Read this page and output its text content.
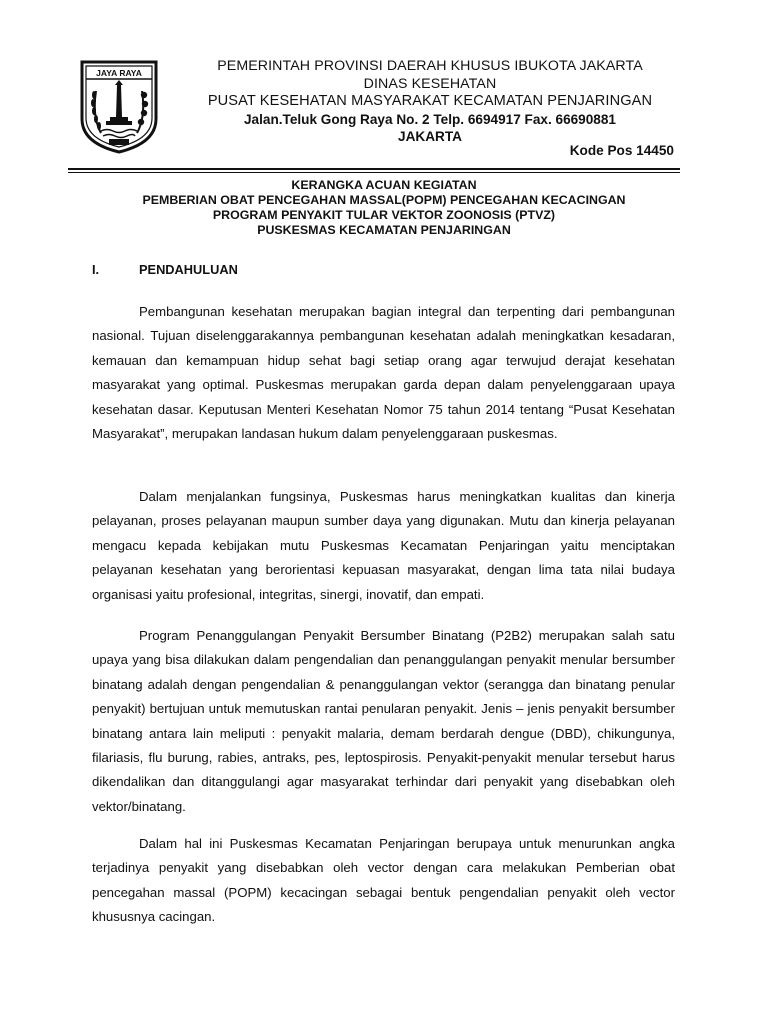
JAYA RAYA	PEMERINTAH PROVINSI DAERAH KHUSUS IBUKOTA JAKARTA
DINAS KESEHATAN
PUSAT KESEHATAN MASYARAKAT KECAMATAN PENJARINGAN
Jalan.Teluk Gong Raya No. 2 Telp. 6694917 Fax. 66690881
JAKARTA
Kode Pos 14450
KERANGKA ACUAN KEGIATAN
PEMBERIAN OBAT PENCEGAHAN MASSAL(POPM) PENCEGAHAN KECACINGAN
PROGRAM PENYAKIT TULAR VEKTOR ZOONOSIS (PTVZ)
PUSKESMAS KECAMATAN PENJARINGAN
I.	PENDAHULUAN

Pembangunan kesehatan merupakan bagian integral dan terpenting dari pembangunan nasional. Tujuan diselenggarakannya pembangunan kesehatan adalah meningkatkan kesadaran, kemauan dan kemampuan hidup sehat bagi setiap orang agar terwujud derajat kesehatan masyarakat yang optimal. Puskesmas merupakan garda depan dalam penyelenggaraan upaya kesehatan dasar. Keputusan Menteri Kesehatan Nomor 75 tahun 2014 tentang “Pusat Kesehatan Masyarakat”, merupakan landasan hukum dalam penyelenggaraan puskesmas.

Dalam menjalankan fungsinya, Puskesmas harus meningkatkan kualitas dan kinerja pelayanan, proses pelayanan maupun sumber daya yang digunakan. Mutu dan kinerja pelayanan mengacu kepada kebijakan mutu Puskesmas Kecamatan Penjaringan yaitu menciptakan pelayanan kesehatan yang berorientasi kepuasan masyarakat, dengan lima tata nilai budaya organisasi yaitu profesional, integritas, sinergi, inovatif, dan empati.

Program Penanggulangan Penyakit Bersumber Binatang (P2B2) merupakan salah satu upaya yang bisa dilakukan dalam pengendalian dan penanggulangan penyakit menular bersumber binatang adalah dengan pengendalian & penanggulangan vektor (serangga dan binatang penular penyakit) bertujuan untuk memutuskan rantai penularan penyakit. Jenis – jenis penyakit bersumber binatang antara lain meliputi : penyakit malaria, demam berdarah dengue (DBD), chikungunya, filariasis, flu burung, rabies, antraks, pes, leptospirosis. Penyakit-penyakit menular tersebut harus dikendalikan dan ditanggulangi agar masyarakat terhindar dari penyakit yang disebabkan oleh vektor/binatang.

Dalam hal ini Puskesmas Kecamatan Penjaringan berupaya untuk menurunkan angka terjadinya penyakit yang disebabkan oleh vector dengan cara melakukan Pemberian obat pencegahan massal (POPM) kecacingan sebagai bentuk pengendalian penyakit oleh vector khususnya cacingan.
